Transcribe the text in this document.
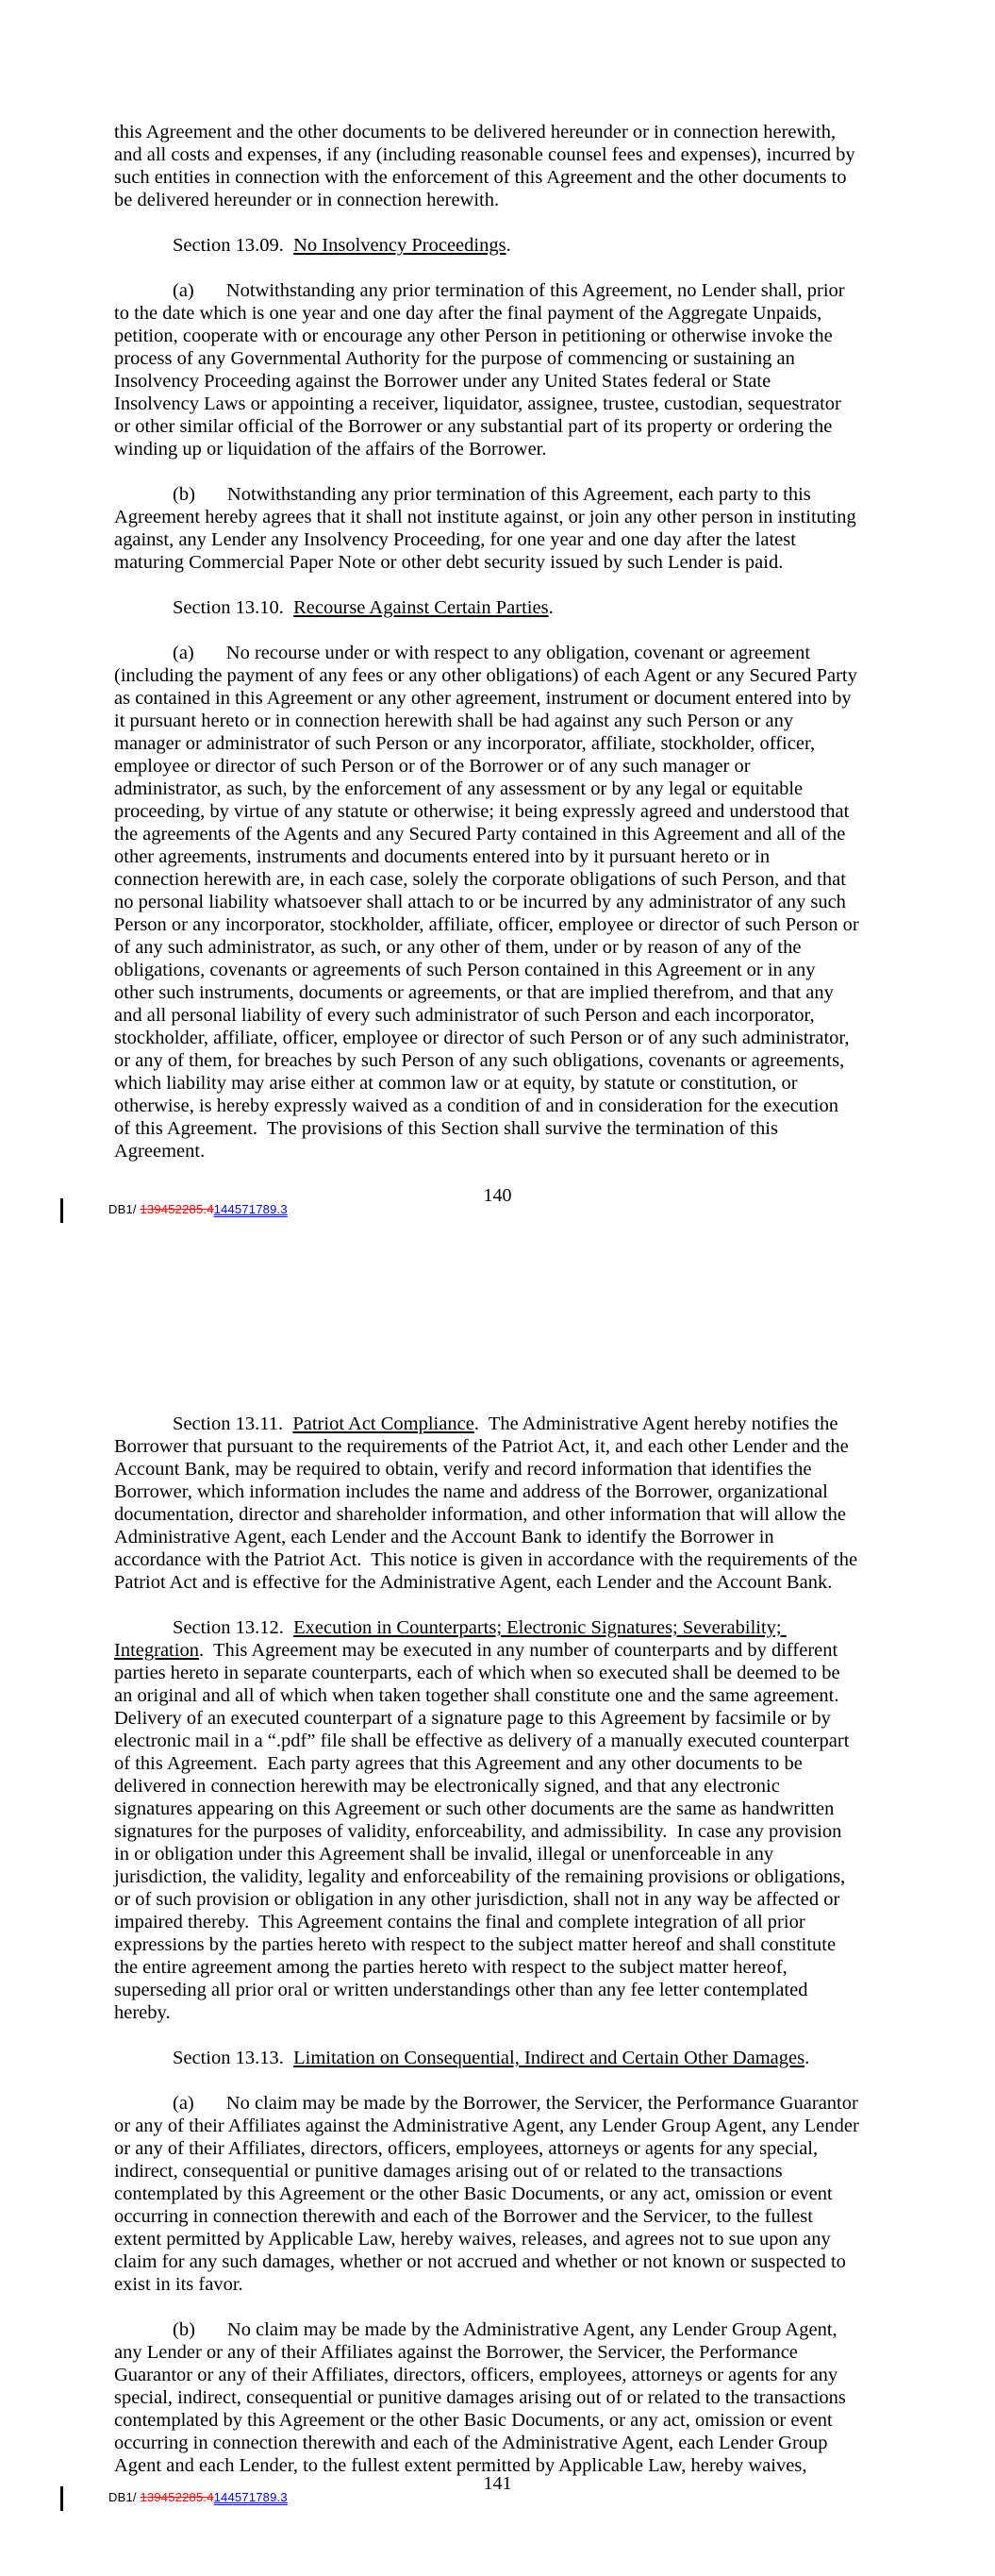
this Agreement and the other documents to be delivered hereunder or in connection herewith, and all costs and expenses, if any (including reasonable counsel fees and expenses), incurred by such entities in connection with the enforcement of this Agreement and the other documents to be delivered hereunder or in connection herewith.

Section 13.09. No Insolvency Proceedings.

(a) Notwithstanding any prior termination of this Agreement, no Lender shall, prior to the date which is one year and one day after the final payment of the Aggregate Unpaids, petition, cooperate with or encourage any other Person in petitioning or otherwise invoke the process of any Governmental Authority for the purpose of commencing or sustaining an Insolvency Proceeding against the Borrower under any United States federal or State Insolvency Laws or appointing a receiver, liquidator, assignee, trustee, custodian, sequestrator or other similar official of the Borrower or any substantial part of its property or ordering the winding up or liquidation of the affairs of the Borrower.

(b) Notwithstanding any prior termination of this Agreement, each party to this Agreement hereby agrees that it shall not institute against, or join any other person in instituting against, any Lender any Insolvency Proceeding, for one year and one day after the latest maturing Commercial Paper Note or other debt security issued by such Lender is paid.

Section 13.10. Recourse Against Certain Parties.

(a) No recourse under or with respect to any obligation, covenant or agreement (including the payment of any fees or any other obligations) of each Agent or any Secured Party as contained in this Agreement or any other agreement, instrument or document entered into by it pursuant hereto or in connection herewith shall be had against any such Person or any manager or administrator of such Person or any incorporator, affiliate, stockholder, officer, employee or director of such Person or of the Borrower or of any such manager or administrator, as such, by the enforcement of any assessment or by any legal or equitable proceeding, by virtue of any statute or otherwise; it being expressly agreed and understood that the agreements of the Agents and any Secured Party contained in this Agreement and all of the other agreements, instruments and documents entered into by it pursuant hereto or in connection herewith are, in each case, solely the corporate obligations of such Person, and that no personal liability whatsoever shall attach to or be incurred by any administrator of any such Person or any incorporator, stockholder, affiliate, officer, employee or director of such Person or of any such administrator, as such, or any other of them, under or by reason of any of the obligations, covenants or agreements of such Person contained in this Agreement or in any other such instruments, documents or agreements, or that are implied therefrom, and that any and all personal liability of every such administrator of such Person and each incorporator, stockholder, affiliate, officer, employee or director of such Person or of any such administrator, or any of them, for breaches by such Person of any such obligations, covenants or agreements, which liability may arise either at common law or at equity, by statute or constitution, or otherwise, is hereby expressly waived as a condition of and in consideration for the execution of this Agreement.  The provisions of this Section shall survive the termination of this Agreement.

140
DB1/ 139452285.4144571789.3

Section 13.11. Patriot Act Compliance.  The Administrative Agent hereby notifies the Borrower that pursuant to the requirements of the Patriot Act, it, and each other Lender and the Account Bank, may be required to obtain, verify and record information that identifies the Borrower, which information includes the name and address of the Borrower, organizational documentation, director and shareholder information, and other information that will allow the Administrative Agent, each Lender and the Account Bank to identify the Borrower in accordance with the Patriot Act.  This notice is given in accordance with the requirements of the Patriot Act and is effective for the Administrative Agent, each Lender and the Account Bank.

Section 13.12. Execution in Counterparts; Electronic Signatures; Severability; Integration.  This Agreement may be executed in any number of counterparts and by different parties hereto in separate counterparts, each of which when so executed shall be deemed to be an original and all of which when taken together shall constitute one and the same agreement.  Delivery of an executed counterpart of a signature page to this Agreement by facsimile or by electronic mail in a “.pdf” file shall be effective as delivery of a manually executed counterpart of this Agreement.  Each party agrees that this Agreement and any other documents to be delivered in connection herewith may be electronically signed, and that any electronic signatures appearing on this Agreement or such other documents are the same as handwritten signatures for the purposes of validity, enforceability, and admissibility.  In case any provision in or obligation under this Agreement shall be invalid, illegal or unenforceable in any jurisdiction, the validity, legality and enforceability of the remaining provisions or obligations, or of such provision or obligation in any other jurisdiction, shall not in any way be affected or impaired thereby.  This Agreement contains the final and complete integration of all prior expressions by the parties hereto with respect to the subject matter hereof and shall constitute the entire agreement among the parties hereto with respect to the subject matter hereof, superseding all prior oral or written understandings other than any fee letter contemplated hereby.

Section 13.13. Limitation on Consequential, Indirect and Certain Other Damages.

(a) No claim may be made by the Borrower, the Servicer, the Performance Guarantor or any of their Affiliates against the Administrative Agent, any Lender Group Agent, any Lender or any of their Affiliates, directors, officers, employees, attorneys or agents for any special, indirect, consequential or punitive damages arising out of or related to the transactions contemplated by this Agreement or the other Basic Documents, or any act, omission or event occurring in connection therewith and each of the Borrower and the Servicer, to the fullest extent permitted by Applicable Law, hereby waives, releases, and agrees not to sue upon any claim for any such damages, whether or not accrued and whether or not known or suspected to exist in its favor.

(b) No claim may be made by the Administrative Agent, any Lender Group Agent, any Lender or any of their Affiliates against the Borrower, the Servicer, the Performance Guarantor or any of their Affiliates, directors, officers, employees, attorneys or agents for any special, indirect, consequential or punitive damages arising out of or related to the transactions contemplated by this Agreement or the other Basic Documents, or any act, omission or event occurring in connection therewith and each of the Administrative Agent, each Lender Group Agent and each Lender, to the fullest extent permitted by Applicable Law, hereby waives,

141
DB1/ 139452285.4144571789.3
